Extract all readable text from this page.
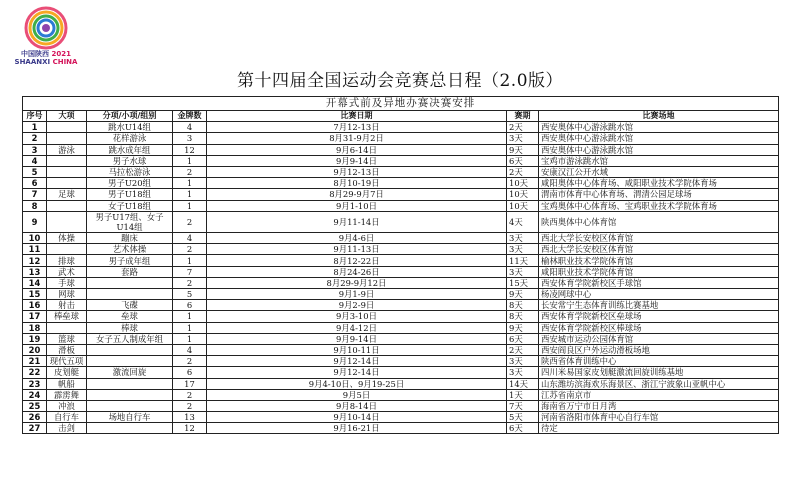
中国陕西 2021
SHAANXI CHINA
第十四届全国运动会竞赛总日程（2.0版）
开幕式前及异地办赛决赛安排						
序号	大项	分项/小项/组别	金牌数	比赛日期	赛期	比赛场地
1		跳水U14组	4	7月12-13日	2天	西安奥体中心游泳跳水馆
2		花样游泳	3	8月31-9月2日	3天	西安奥体中心游泳跳水馆
3	游泳	跳水成年组	12	9月6-14日	9天	西安奥体中心游泳跳水馆
4		男子水球	1	9月9-14日	6天	宝鸡市游泳跳水馆
5		马拉松游泳	2	9月12-13日	2天	安康汉江公开水域
6		男子U20组	1	8月10-19日	10天	咸阳奥体中心体育场、咸阳职业技术学院体育场
7	足球	男子U18组	1	8月29-9月7日	10天	渭南市体育中心体育场、渭清公园足球场
8		女子U18组	1	9月1-10日	10天	宝鸡奥体中心体育场、宝鸡职业技术学院体育场
9		男子U17组、女子U14组	2	9月11-14日	4天	陕西奥体中心体育馆
10	体操	蹦床	4	9月4-6日	3天	西北大学长安校区体育馆
11		艺术体操	2	9月11-13日	3天	西北大学长安校区体育馆
12	排球	男子成年组	1	8月12-22日	11天	榆林职业技术学院体育馆
13	武术	套路	7	8月24-26日	3天	咸阳职业技术学院体育馆
14	手球		2	8月29-9月12日	15天	西安体育学院新校区手球馆
15	网球		5	9月1-9日	9天	杨凌网球中心
16	射击	飞碟	6	9月2-9日	8天	长安常宁生态体育训练比赛基地
17	棒垒球	垒球	1	9月3-10日	8天	西安体育学院新校区垒球场
18		棒球	1	9月4-12日	9天	西安体育学院新校区棒球场
19	篮球	女子五人制成年组	1	9月9-14日	6天	西安城市运动公园体育馆
20	滑板		4	9月10-11日	2天	西安阎良区户外运动滑板场地
21	现代五项		2	9月12-14日	3天	陕西省体育训练中心
22	皮划艇	激流回旋	6	9月12-14日	3天	四川米易国家皮划艇激流回旋训练基地
23	帆船		17	9月4-10日、9月19-25日	14天	山东潍坊滨海欢乐海景区、浙江宁波象山亚帆中心
24	霹雳舞		2	9月5日	1天	江苏省南京市
25	冲浪		2	9月8-14日	7天	海南省万宁市日月湾
26	自行车	场地自行车	13	9月10-14日	5天	河南省洛阳市体育中心自行车馆
27	击剑		12	9月16-21日	6天	待定
